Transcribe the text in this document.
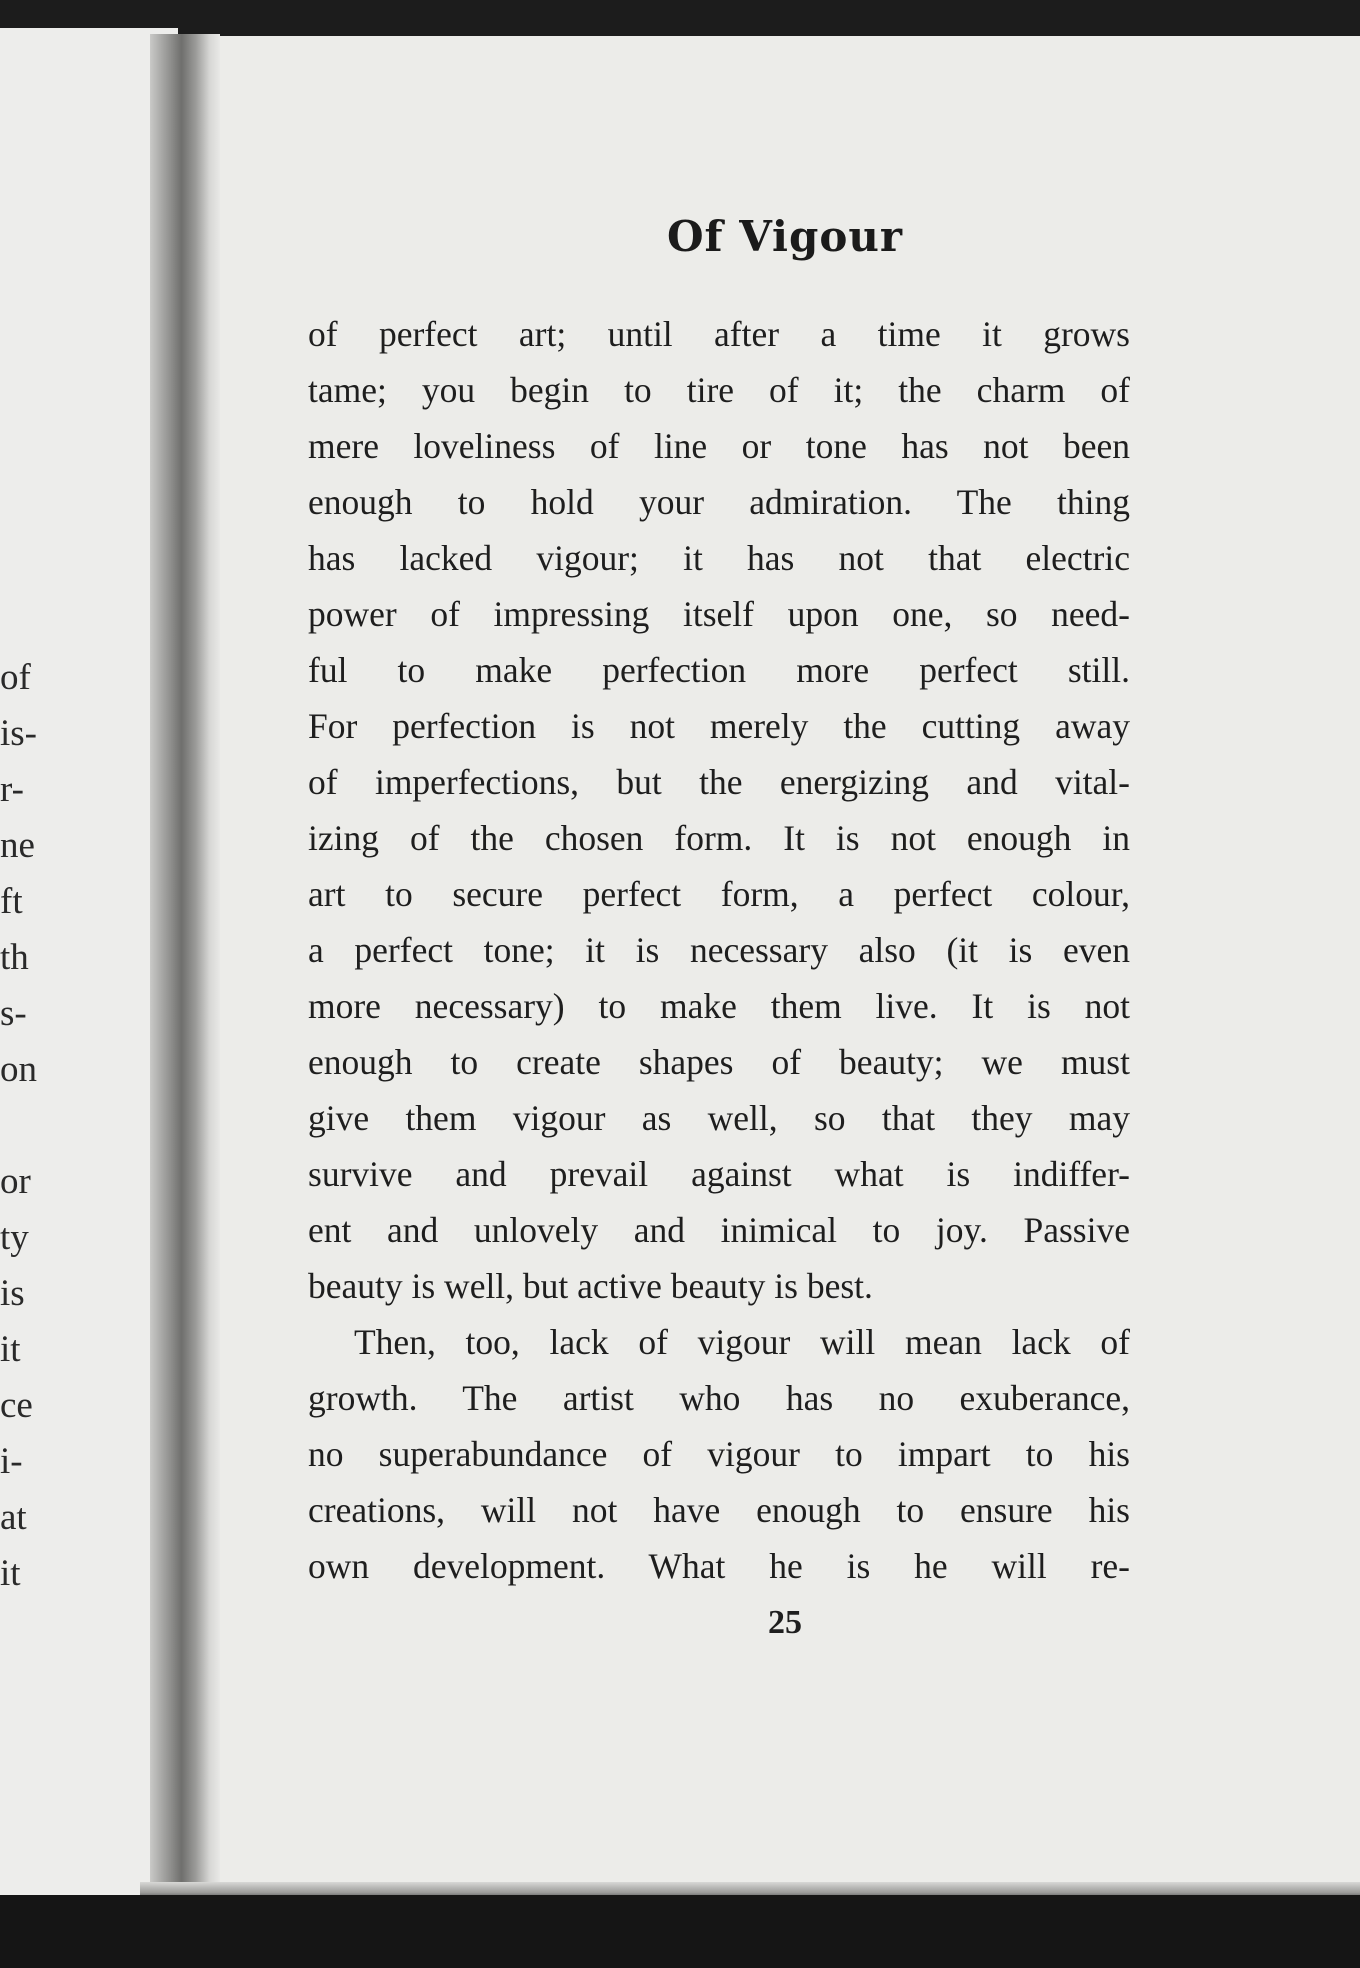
of
is-
r-
ne
ft
th
s-
on
or
ty
is
it
ce
i-
at
it
Of Vigour
of perfect art; until after a time it grows
tame; you begin to tire of it; the charm of
mere loveliness of line or tone has not been
enough to hold your admiration. The thing
has lacked vigour; it has not that electric
power of impressing itself upon one, so need-
ful to make perfection more perfect still.
For perfection is not merely the cutting away
of imperfections, but the energizing and vital-
izing of the chosen form. It is not enough in
art to secure perfect form, a perfect colour,
a perfect tone; it is necessary also (it is even
more necessary) to make them live. It is not
enough to create shapes of beauty; we must
give them vigour as well, so that they may
survive and prevail against what is indiffer-
ent and unlovely and inimical to joy. Passive
beauty is well, but active beauty is best.
Then, too, lack of vigour will mean lack of
growth. The artist who has no exuberance,
no superabundance of vigour to impart to his
creations, will not have enough to ensure his
own development. What he is he will re-

25
